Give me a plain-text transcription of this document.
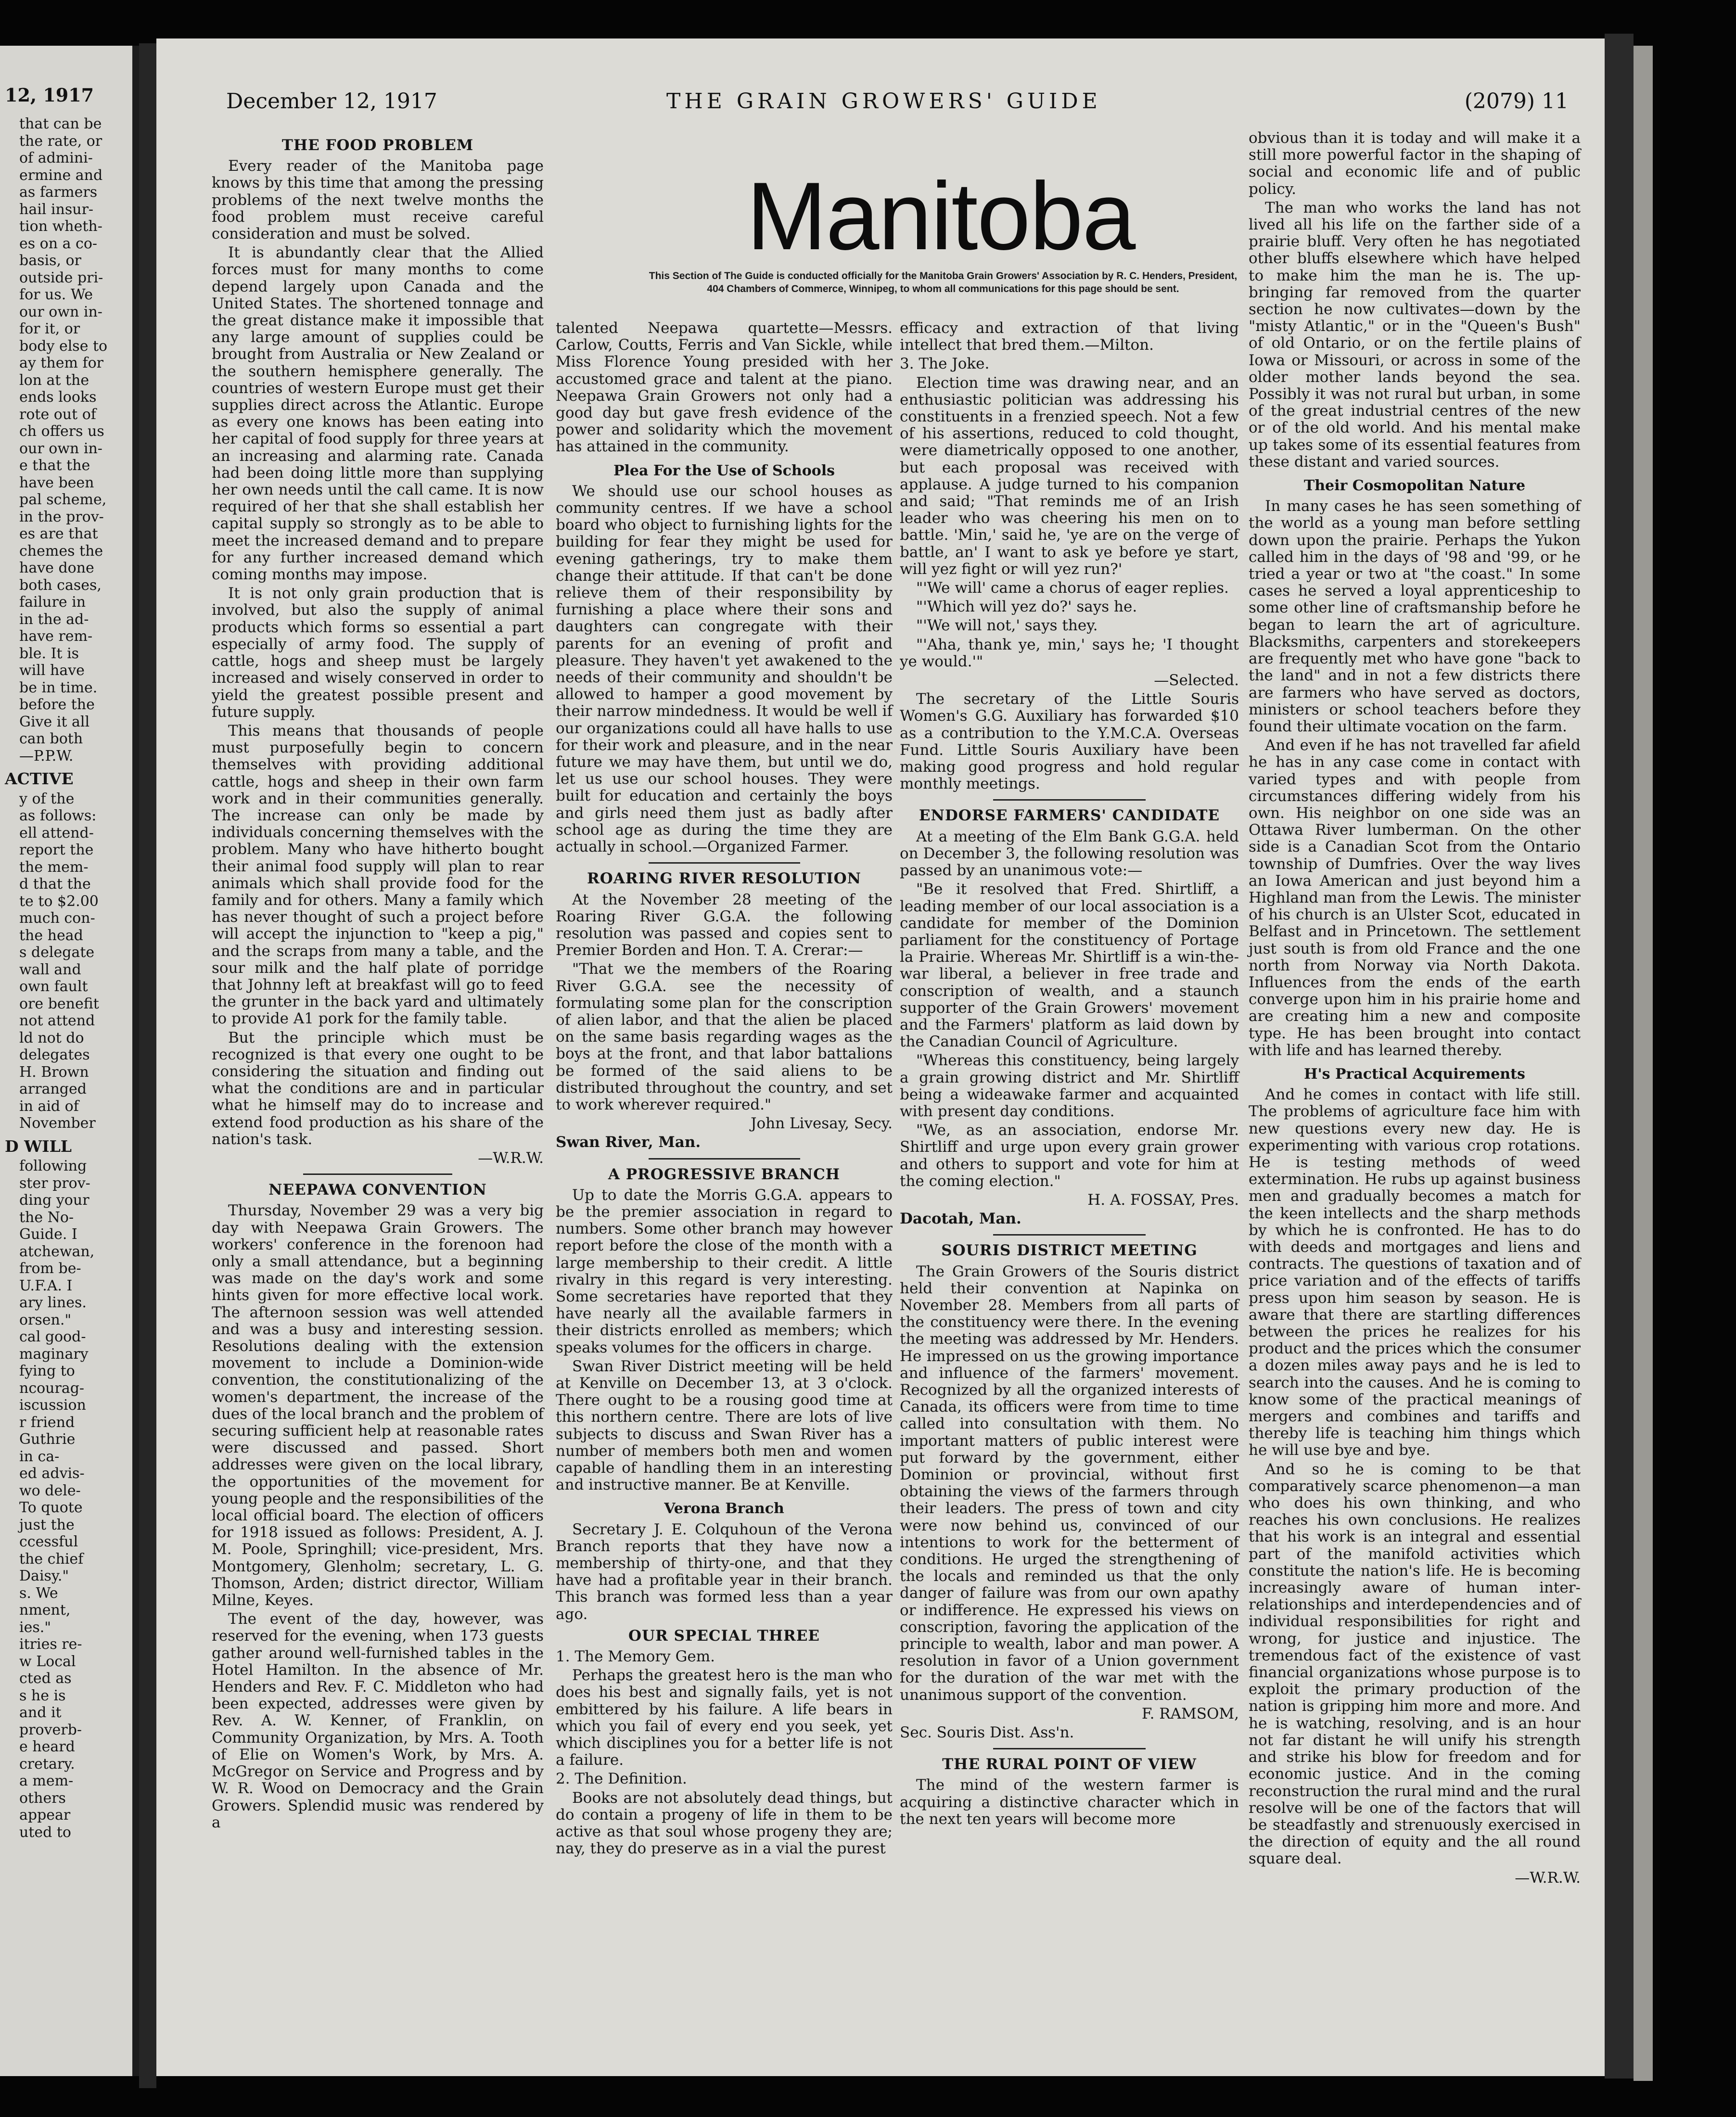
12, 1917
that can be
the rate, or
of admini-
ermine and
as farmers
hail insur-
tion wheth-
es on a co-
basis, or
outside pri-
for us. We
our own in-
for it, or
body else to
ay them for
lon at the
ends looks
rote out of
ch offers us
our own in-
e that the
have been
pal scheme,
in the prov-
es are that
chemes the
have done
both cases,
failure in
in the ad-
have rem-
ble. It is
will have
be in time.
before the
Give it all
can both
—P.P.W.
ACTIVE
y of the
as follows:
ell attend-
report the
the mem-
d that the
te to $2.00
much con-
the head
s delegate
wall and
own fault
ore benefit
not attend
ld not do
delegates
H. Brown
arranged
in aid of
November
D WILL
following
ster prov-
ding your
the No-
Guide. I
atchewan,
from be-
U.F.A. I
ary lines.
orsen."
cal good-
maginary
fying to
ncourag-
iscussion
r friend
Guthrie
in ca-
ed advis-
wo dele-
To quote
just the
ccessful
the chief
Daisy."
s. We
nment,
ies."
itries re-
w Local
cted as
s he is
and it
proverb-
e heard
cretary.
a mem-
others
appear
uted to
December 12, 1917	THE GRAIN GROWERS' GUIDE	(2079) 11
Manitoba
This Section of The Guide is conducted officially for the Manitoba Grain Growers' Association by R. C. Henders, President, 404 Chambers of Commerce, Winnipeg, to whom all communications for this page should be sent.
THE FOOD PROBLEM

Every reader of the Manitoba page knows by this time that among the pressing problems of the next twelve months the food problem must receive careful consideration and must be solved.

It is abundantly clear that the Allied forces must for many months to come depend largely upon Canada and the United States. The shortened tonnage and the great distance make it impossible that any large amount of supplies could be brought from Australia or New Zealand or the southern hemisphere generally. The countries of western Europe must get their supplies direct across the Atlantic. Europe as every one knows has been eating into her capital of food supply for three years at an increasing and alarming rate. Canada had been doing little more than supplying her own needs until the call came. It is now required of her that she shall establish her capital supply so strongly as to be able to meet the increased demand and to prepare for any further increased demand which coming months may impose.

It is not only grain production that is involved, but also the supply of animal products which forms so essential a part especially of army food. The supply of cattle, hogs and sheep must be largely increased and wisely conserved in order to yield the greatest possible present and future supply.

This means that thousands of people must purposefully begin to concern themselves with providing additional cattle, hogs and sheep in their own farm work and in their communities generally. The increase can only be made by individuals concerning themselves with the problem. Many who have hitherto bought their animal food supply will plan to rear animals which shall provide food for the family and for others. Many a family which has never thought of such a project before will accept the injunction to "keep a pig," and the scraps from many a table, and the sour milk and the half plate of porridge that Johnny left at breakfast will go to feed the grunter in the back yard and ultimately to provide A1 pork for the family table.

But the principle which must be recognized is that every one ought to be considering the situation and finding out what the conditions are and in particular what he himself may do to increase and extend food production as his share of the nation's task.

—W.R.W.

NEEPAWA CONVENTION

Thursday, November 29 was a very big day with Neepawa Grain Growers. The workers' conference in the forenoon had only a small attendance, but a beginning was made on the day's work and some hints given for more effective local work. The afternoon session was well attended and was a busy and interesting session. Resolutions dealing with the extension movement to include a Dominion-wide convention, the constitutionalizing of the women's department, the increase of the dues of the local branch and the problem of securing sufficient help at reasonable rates were discussed and passed. Short addresses were given on the local library, the opportunities of the movement for young people and the responsibilities of the local official board. The election of officers for 1918 issued as follows: President, A. J. M. Poole, Springhill; vice-president, Mrs. Montgomery, Glenholm; secretary, L. G. Thomson, Arden; district director, William Milne, Keyes.

The event of the day, however, was reserved for the evening, when 173 guests gather around well-furnished tables in the Hotel Hamilton. In the absence of Mr. Henders and Rev. F. C. Middleton who had been expected, addresses were given by Rev. A. W. Kenner, of Franklin, on Community Organization, by Mrs. A. Tooth of Elie on Women's Work, by Mrs. A. McGregor on Service and Progress and by W. R. Wood on Democracy and the Grain Growers. Splendid music was rendered by a

talented Neepawa quartette—Messrs. Carlow, Coutts, Ferris and Van Sickle, while Miss Florence Young presided with her accustomed grace and talent at the piano. Neepawa Grain Growers not only had a good day but gave fresh evidence of the power and solidarity which the movement has attained in the community.

Plea For the Use of Schools

We should use our school houses as community centres. If we have a school board who object to furnishing lights for the building for fear they might be used for evening gatherings, try to make them change their attitude. If that can't be done relieve them of their responsibility by furnishing a place where their sons and daughters can congregate with their parents for an evening of profit and pleasure. They haven't yet awakened to the needs of their community and shouldn't be allowed to hamper a good movement by their narrow mindedness. It would be well if our organizations could all have halls to use for their work and pleasure, and in the near future we may have them, but until we do, let us use our school houses. They were built for education and certainly the boys and girls need them just as badly after school age as during the time they are actually in school.—Organized Farmer.

ROARING RIVER RESOLUTION

At the November 28 meeting of the Roaring River G.G.A. the following resolution was passed and copies sent to Premier Borden and Hon. T. A. Crerar:—

"That we the members of the Roaring River G.G.A. see the necessity of formulating some plan for the conscription of alien labor, and that the alien be placed on the same basis regarding wages as the boys at the front, and that labor battalions be formed of the said aliens to be distributed throughout the country, and set to work wherever required."

John Livesay, Secy.

Swan River, Man.

A PROGRESSIVE BRANCH

Up to date the Morris G.G.A. appears to be the premier association in regard to numbers. Some other branch may however report before the close of the month with a large membership to their credit. A little rivalry in this regard is very interesting. Some secretaries have reported that they have nearly all the available farmers in their districts enrolled as members; which speaks volumes for the officers in charge.

Swan River District meeting will be held at Kenville on December 13, at 3 o'clock. There ought to be a rousing good time at this northern centre. There are lots of live subjects to discuss and Swan River has a number of members both men and women capable of handling them in an interesting and instructive manner. Be at Kenville.

Verona Branch

Secretary J. E. Colquhoun of the Verona Branch reports that they have now a membership of thirty-one, and that they have had a profitable year in their branch. This branch was formed less than a year ago.

OUR SPECIAL THREE

1. The Memory Gem.

Perhaps the greatest hero is the man who does his best and signally fails, yet is not embittered by his failure. A life bears in which you fail of every end you seek, yet which disciplines you for a better life is not a failure.

2. The Definition.

Books are not absolutely dead things, but do contain a progeny of life in them to be active as that soul whose progeny they are; nay, they do preserve as in a vial the purest

efficacy and extraction of that living intellect that bred them.—Milton.

3. The Joke.

Election time was drawing near, and an enthusiastic politician was addressing his constituents in a frenzied speech. Not a few of his assertions, reduced to cold thought, were diametrically opposed to one another, but each proposal was received with applause. A judge turned to his companion and said; "That reminds me of an Irish leader who was cheering his men on to battle. 'Min,' said he, 'ye are on the verge of battle, an' I want to ask ye before ye start, will yez fight or will yez run?'

"'We will' came a chorus of eager replies.

"'Which will yez do?' says he.

"'We will not,' says they.

"'Aha, thank ye, min,' says he; 'I thought ye would.'"

—Selected.

The secretary of the Little Souris Women's G.G. Auxiliary has forwarded $10 as a contribution to the Y.M.C.A. Overseas Fund. Little Souris Auxiliary have been making good progress and hold regular monthly meetings.

ENDORSE FARMERS' CANDIDATE

At a meeting of the Elm Bank G.G.A. held on December 3, the following resolution was passed by an unanimous vote:—

"Be it resolved that Fred. Shirtliff, a leading member of our local association is a candidate for member of the Dominion parliament for the constituency of Portage la Prairie. Whereas Mr. Shirtliff is a win-the-war liberal, a believer in free trade and conscription of wealth, and a staunch supporter of the Grain Growers' movement and the Farmers' platform as laid down by the Canadian Council of Agriculture.

"Whereas this constituency, being largely a grain growing district and Mr. Shirtliff being a wideawake farmer and acquainted with present day conditions.

"We, as an association, endorse Mr. Shirtliff and urge upon every grain grower and others to support and vote for him at the coming election."

H. A. FOSSAY, Pres.

Dacotah, Man.

SOURIS DISTRICT MEETING

The Grain Growers of the Souris district held their convention at Napinka on November 28. Members from all parts of the constituency were there. In the evening the meeting was addressed by Mr. Henders. He impressed on us the growing importance and influence of the farmers' movement. Recognized by all the organized interests of Canada, its officers were from time to time called into consultation with them. No important matters of public interest were put forward by the government, either Dominion or provincial, without first obtaining the views of the farmers through their leaders. The press of town and city were now behind us, convinced of our intentions to work for the betterment of conditions. He urged the strengthening of the locals and reminded us that the only danger of failure was from our own apathy or indifference. He expressed his views on conscription, favoring the application of the principle to wealth, labor and man power. A resolution in favor of a Union government for the duration of the war met with the unanimous support of the convention.

F. RAMSOM,

Sec. Souris Dist. Ass'n.

THE RURAL POINT OF VIEW

The mind of the western farmer is acquiring a distinctive character which in the next ten years will become more

obvious than it is today and will make it a still more powerful factor in the shaping of social and economic life and of public policy.

The man who works the land has not lived all his life on the farther side of a prairie bluff. Very often he has negotiated other bluffs elsewhere which have helped to make him the man he is. The up-bringing far removed from the quarter section he now cultivates—down by the "misty Atlantic," or in the "Queen's Bush" of old Ontario, or on the fertile plains of Iowa or Missouri, or across in some of the older mother lands beyond the sea. Possibly it was not rural but urban, in some of the great industrial centres of the new or of the old world. And his mental make up takes some of its essential features from these distant and varied sources.

Their Cosmopolitan Nature

In many cases he has seen something of the world as a young man before settling down upon the prairie. Perhaps the Yukon called him in the days of '98 and '99, or he tried a year or two at "the coast." In some cases he served a loyal apprenticeship to some other line of craftsmanship before he began to learn the art of agriculture. Blacksmiths, carpenters and storekeepers are frequently met who have gone "back to the land" and in not a few districts there are farmers who have served as doctors, ministers or school teachers before they found their ultimate vocation on the farm.

And even if he has not travelled far afield he has in any case come in contact with varied types and with people from circumstances differing widely from his own. His neighbor on one side was an Ottawa River lumberman. On the other side is a Canadian Scot from the Ontario township of Dumfries. Over the way lives an Iowa American and just beyond him a Highland man from the Lewis. The minister of his church is an Ulster Scot, educated in Belfast and in Princetown. The settlement just south is from old France and the one north from Norway via North Dakota. Influences from the ends of the earth converge upon him in his prairie home and are creating him a new and composite type. He has been brought into contact with life and has learned thereby.

H's Practical Acquirements

And he comes in contact with life still. The problems of agriculture face him with new questions every new day. He is experimenting with various crop rotations. He is testing methods of weed extermination. He rubs up against business men and gradually becomes a match for the keen intellects and the sharp methods by which he is confronted. He has to do with deeds and mortgages and liens and contracts. The questions of taxation and of price variation and of the effects of tariffs press upon him season by season. He is aware that there are startling differences between the prices he realizes for his product and the prices which the consumer a dozen miles away pays and he is led to search into the causes. And he is coming to know some of the practical meanings of mergers and combines and tariffs and thereby life is teaching him things which he will use bye and bye.

And so he is coming to be that comparatively scarce phenomenon—a man who does his own thinking, and who reaches his own conclusions. He realizes that his work is an integral and essential part of the manifold activities which constitute the nation's life. He is becoming increasingly aware of human inter-relationships and interdependencies and of individual responsibilities for right and wrong, for justice and injustice. The tremendous fact of the existence of vast financial organizations whose purpose is to exploit the primary production of the nation is gripping him more and more. And he is watching, resolving, and is an hour not far distant he will unify his strength and strike his blow for freedom and for economic justice. And in the coming reconstruction the rural mind and the rural resolve will be one of the factors that will be steadfastly and strenuously exercised in the direction of equity and the all round square deal.

—W.R.W.
